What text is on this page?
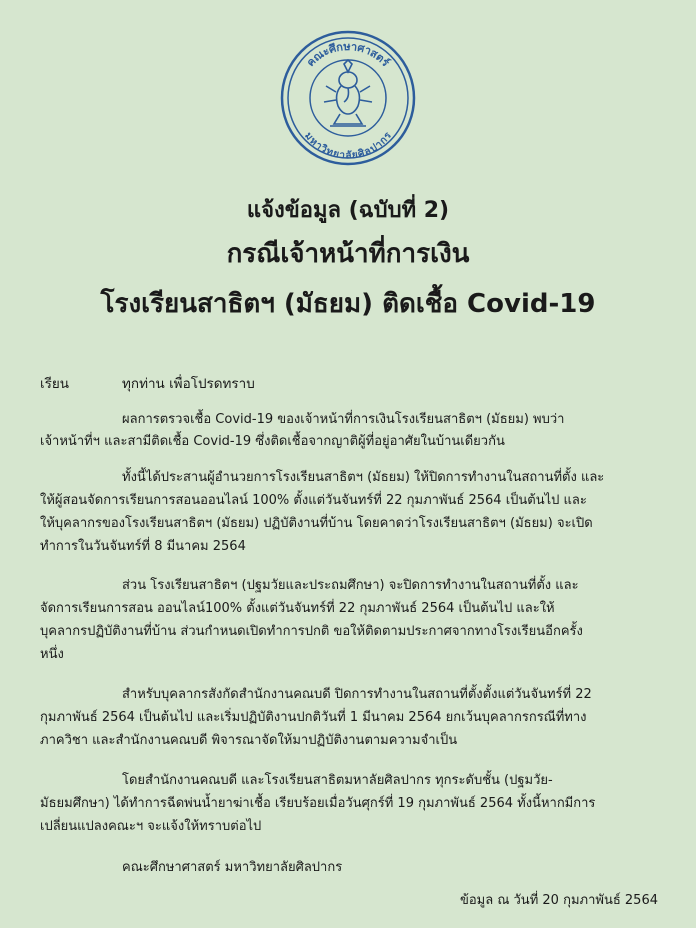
คณะศึกษาศาสตร์
มหาวิทยาลัยศิลปากร
แจ้งข้อมูล (ฉบับที่ 2)
กรณีเจ้าหน้าที่การเงิน
โรงเรียนสาธิตฯ (มัธยม) ติดเชื้อ Covid-19
เรียน	ทุกท่าน เพื่อโปรดทราบ
ผลการตรวจเชื้อ Covid-19 ของเจ้าหน้าที่การเงินโรงเรียนสาธิตฯ (มัธยม) พบว่า
เจ้าหน้าที่ฯ และสามีติดเชื้อ Covid-19 ซึ่งติดเชื้อจากญาติผู้ที่อยู่อาศัยในบ้านเดียวกัน
ทั้งนี้ได้ประสานผู้อำนวยการโรงเรียนสาธิตฯ (มัธยม) ให้ปิดการทำงานในสถานที่ตั้ง และ
ให้ผู้สอนจัดการเรียนการสอนออนไลน์ 100% ตั้งแต่วันจันทร์ที่ 22 กุมภาพันธ์ 2564 เป็นต้นไป และ
ให้บุคลากรของโรงเรียนสาธิตฯ (มัธยม) ปฏิบัติงานที่บ้าน โดยคาดว่าโรงเรียนสาธิตฯ (มัธยม) จะเปิด
ทำการในวันจันทร์ที่ 8 มีนาคม 2564
ส่วน โรงเรียนสาธิตฯ (ปฐมวัยและประถมศึกษา) จะปิดการทำงานในสถานที่ตั้ง และ
จัดการเรียนการสอน ออนไลน์100% ตั้งแต่วันจันทร์ที่ 22 กุมภาพันธ์ 2564 เป็นต้นไป และให้
บุคลากรปฏิบัติงานที่บ้าน ส่วนกำหนดเปิดทำการปกติ ขอให้ติดตามประกาศจากทางโรงเรียนอีกครั้ง
หนึ่ง
สำหรับบุคลากรสังกัดสำนักงานคณบดี ปิดการทำงานในสถานที่ตั้งตั้งแต่วันจันทร์ที่ 22
กุมภาพันธ์ 2564 เป็นต้นไป และเริ่มปฏิบัติงานปกติวันที่ 1 มีนาคม 2564 ยกเว้นบุคลากรกรณีที่ทาง
ภาควิชา และสำนักงานคณบดี พิจารณาจัดให้มาปฏิบัติงานตามความจำเป็น
โดยสำนักงานคณบดี และโรงเรียนสาธิตมหาลัยศิลปากร ทุกระดับชั้น (ปฐมวัย-
มัธยมศึกษา) ได้ทำการฉีดพ่นน้ำยาฆ่าเชื้อ เรียบร้อยเมื่อวันศุกร์ที่ 19 กุมภาพันธ์ 2564 ทั้งนี้หากมีการ
เปลี่ยนแปลงคณะฯ จะแจ้งให้ทราบต่อไป
คณะศึกษาศาสตร์ มหาวิทยาลัยศิลปากร
ข้อมูล ณ วันที่ 20 กุมภาพันธ์ 2564
